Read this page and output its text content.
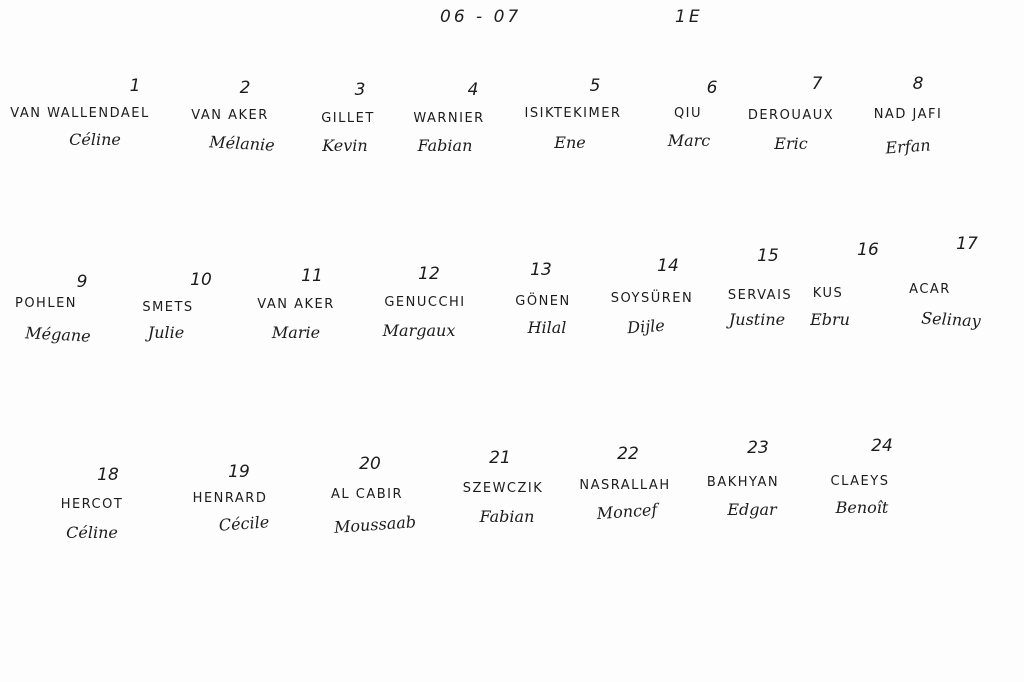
06 - 07	1E
1
VAN WALLENDAEL
Céline
2
VAN AKER
Mélanie
3
GILLET
Kevin
4
WARNIER
Fabian
5
ISIKTEKIMER
Ene
6
QIU
Marc
7
DEROUAUX
Eric
8
NAD JAFI
Erfan
9
POHLEN
Mégane
10
SMETS
Julie
11
VAN AKER
Marie
12
GENUCCHI
Margaux
13
GÖNEN
Hilal
14
SOYSÜREN
Dijle
15
SERVAIS
Justine
16
KUS
Ebru
17
ACAR
Selinay
18
HERCOT
Céline
19
HENRARD
Cécile
20
AL CABIR
Moussaab
21
SZEWCZIK
Fabian
22
NASRALLAH
Moncef
23
BAKHYAN
Edgar
24
CLAEYS
Benoît
